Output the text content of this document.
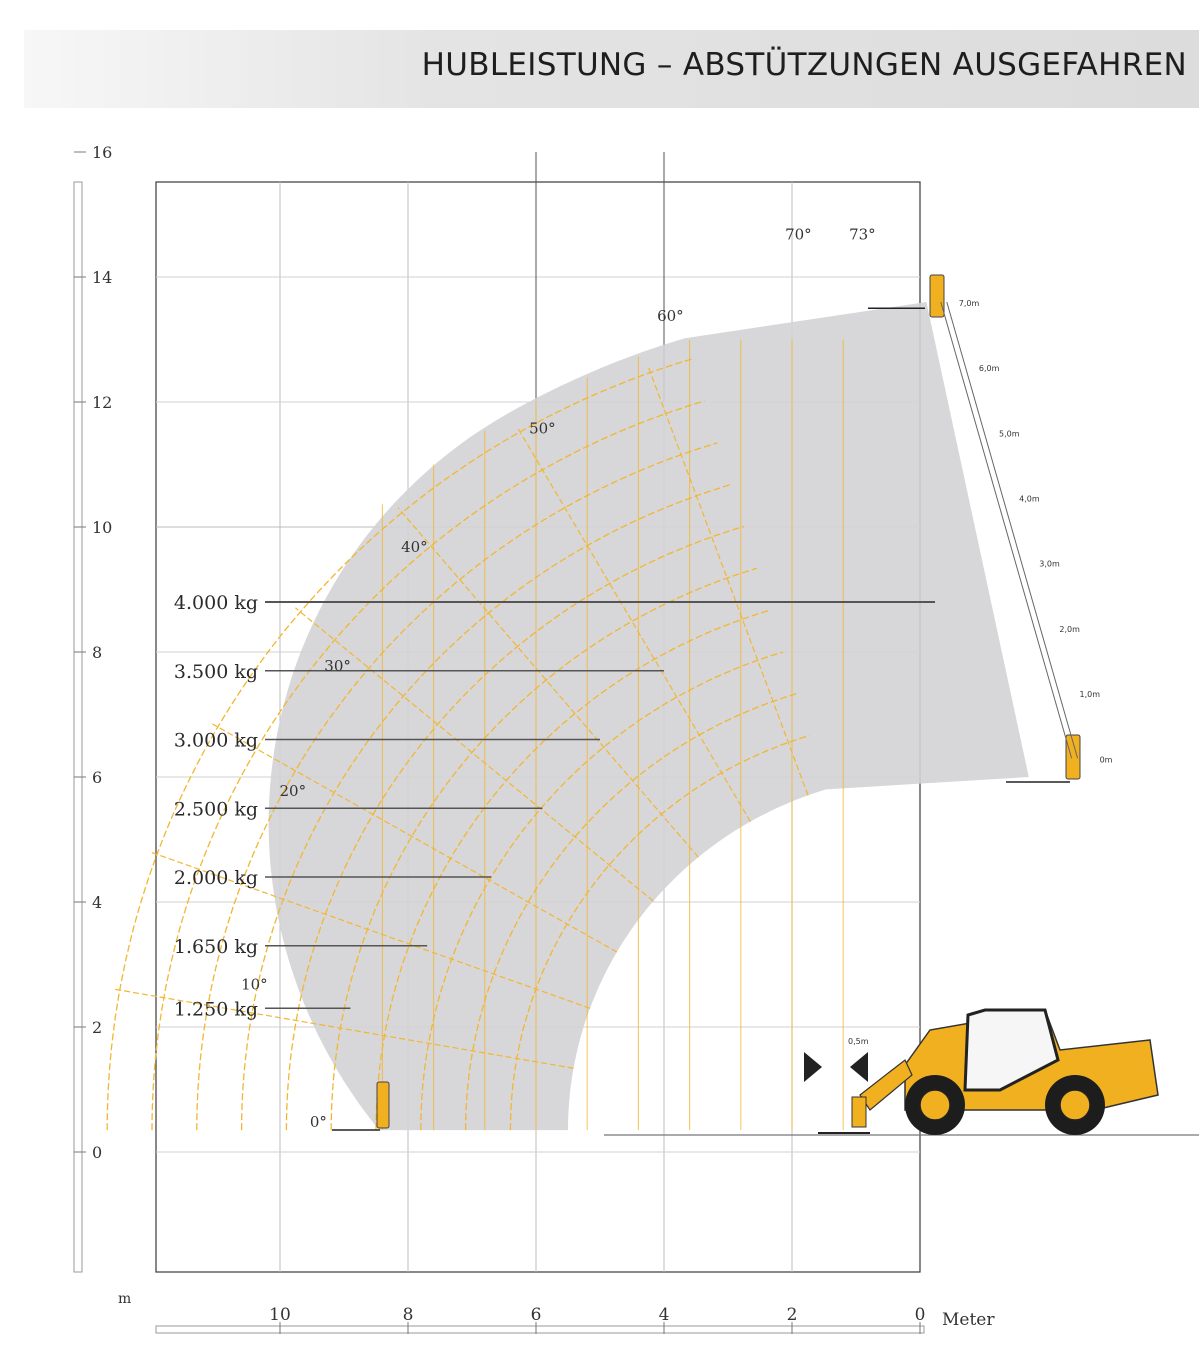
HUBLEISTUNG – ABSTÜTZUNGEN AUSGEFAHREN
16
14
12
10
8
6
4
2
0
m
10	8	6	4	2	0 Meter
4.000 kg
3.500 kg
3.000 kg
2.500 kg
2.000 kg
1.650 kg
1.250 kg
0°
10°
20°
30°
40°
50°
60°
70° 73°
7,0m
6,0m
5,0m
4,0m
3,0m
2,0m
1,0m
0m
0,5m
